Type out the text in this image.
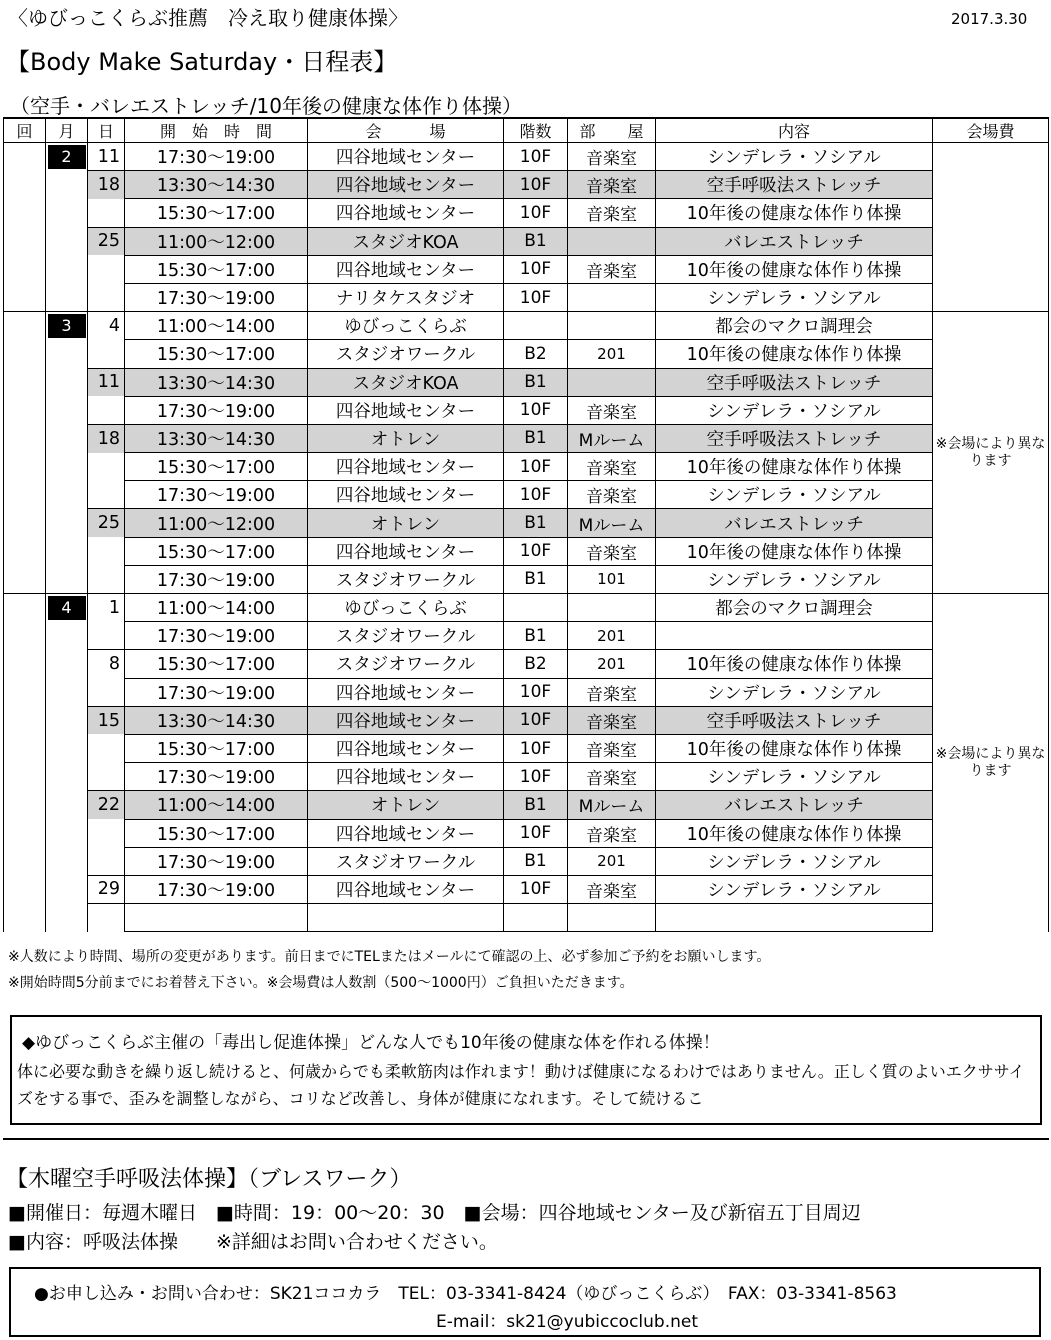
〈ゆびっこくらぶ推薦　冷え取り健康体操〉	2017.3.30
【Body Make Saturday・日程表】
（空手・バレエストレッチ/10年後の健康な体作り体操）
回	月	日	開　始　時　間	会　　　場	階数	部　　屋	内容	会場費
	2	11	17:30〜19:00	四谷地域センター	10F	音楽室	シンデレラ・ソシアル	
		18	13:30〜14:30	四谷地域センター	10F	音楽室	空手呼吸法ストレッチ	
			15:30〜17:00	四谷地域センター	10F	音楽室	10年後の健康な体作り体操	
		25	11:00〜12:00	スタジオKOA	B1		バレエストレッチ	
			15:30〜17:00	四谷地域センター	10F	音楽室	10年後の健康な体作り体操	
			17:30〜19:00	ナリタケスタジオ	10F		シンデレラ・ソシアル	
	3	4	11:00〜14:00	ゆびっこくらぶ			都会のマクロ調理会	※会場により異なります
			15:30〜17:00	スタジオワークル	B2	201	10年後の健康な体作り体操	
		11	13:30〜14:30	スタジオKOA	B1		空手呼吸法ストレッチ	
			17:30〜19:00	四谷地域センター	10F	音楽室	シンデレラ・ソシアル	
		18	13:30〜14:30	オトレン	B1	Mルーム	空手呼吸法ストレッチ	
			15:30〜17:00	四谷地域センター	10F	音楽室	10年後の健康な体作り体操	
			17:30〜19:00	四谷地域センター	10F	音楽室	シンデレラ・ソシアル	
		25	11:00〜12:00	オトレン	B1	Mルーム	バレエストレッチ	
			15:30〜17:00	四谷地域センター	10F	音楽室	10年後の健康な体作り体操	
			17:30〜19:00	スタジオワークル	B1	101	シンデレラ・ソシアル	
	4	1	11:00〜14:00	ゆびっこくらぶ			都会のマクロ調理会	※会場により異なります
			17:30〜19:00	スタジオワークル	B1	201		
		8	15:30〜17:00	スタジオワークル	B2	201	10年後の健康な体作り体操	
			17:30〜19:00	四谷地域センター	10F	音楽室	シンデレラ・ソシアル	
		15	13:30〜14:30	四谷地域センター	10F	音楽室	空手呼吸法ストレッチ	
			15:30〜17:00	四谷地域センター	10F	音楽室	10年後の健康な体作り体操	
			17:30〜19:00	四谷地域センター	10F	音楽室	シンデレラ・ソシアル	
		22	11:00〜14:00	オトレン	B1	Mルーム	バレエストレッチ	
			15:30〜17:00	四谷地域センター	10F	音楽室	10年後の健康な体作り体操	
			17:30〜19:00	スタジオワークル	B1	201	シンデレラ・ソシアル	
		29	17:30〜19:00	四谷地域センター	10F	音楽室	シンデレラ・ソシアル	

※人数により時間、場所の変更があります。前日までにTELまたはメールにて確認の上、必ず参加ご予約をお願いします。
※開始時間5分前までにお着替え下さい。※会場費は人数割（500〜1000円）ご負担いただきます。
◆ゆびっこくらぶ主催の「毒出し促進体操」どんな人でも10年後の健康な体を作れる体操！
体に必要な動きを繰り返し続けると、何歳からでも柔軟筋肉は作れます！動けば健康になるわけではありません。正しく質のよいエクササイズをする事で、歪みを調整しながら、コリなど改善し、身体が健康になれます。そして続けるこ
【木曜空手呼吸法体操】（ブレスワーク）
■開催日：毎週木曜日　■時間：19：00〜20：30　■会場：四谷地域センター及び新宿五丁目周辺
■内容：呼吸法体操　　※詳細はお問い合わせください。
●お申し込み・お問い合わせ：SK21ココカラ　TEL：03-3341-8424（ゆびっこくらぶ）　FAX：03-3341-8563
E-mail：sk21@yubiccoclub.net
